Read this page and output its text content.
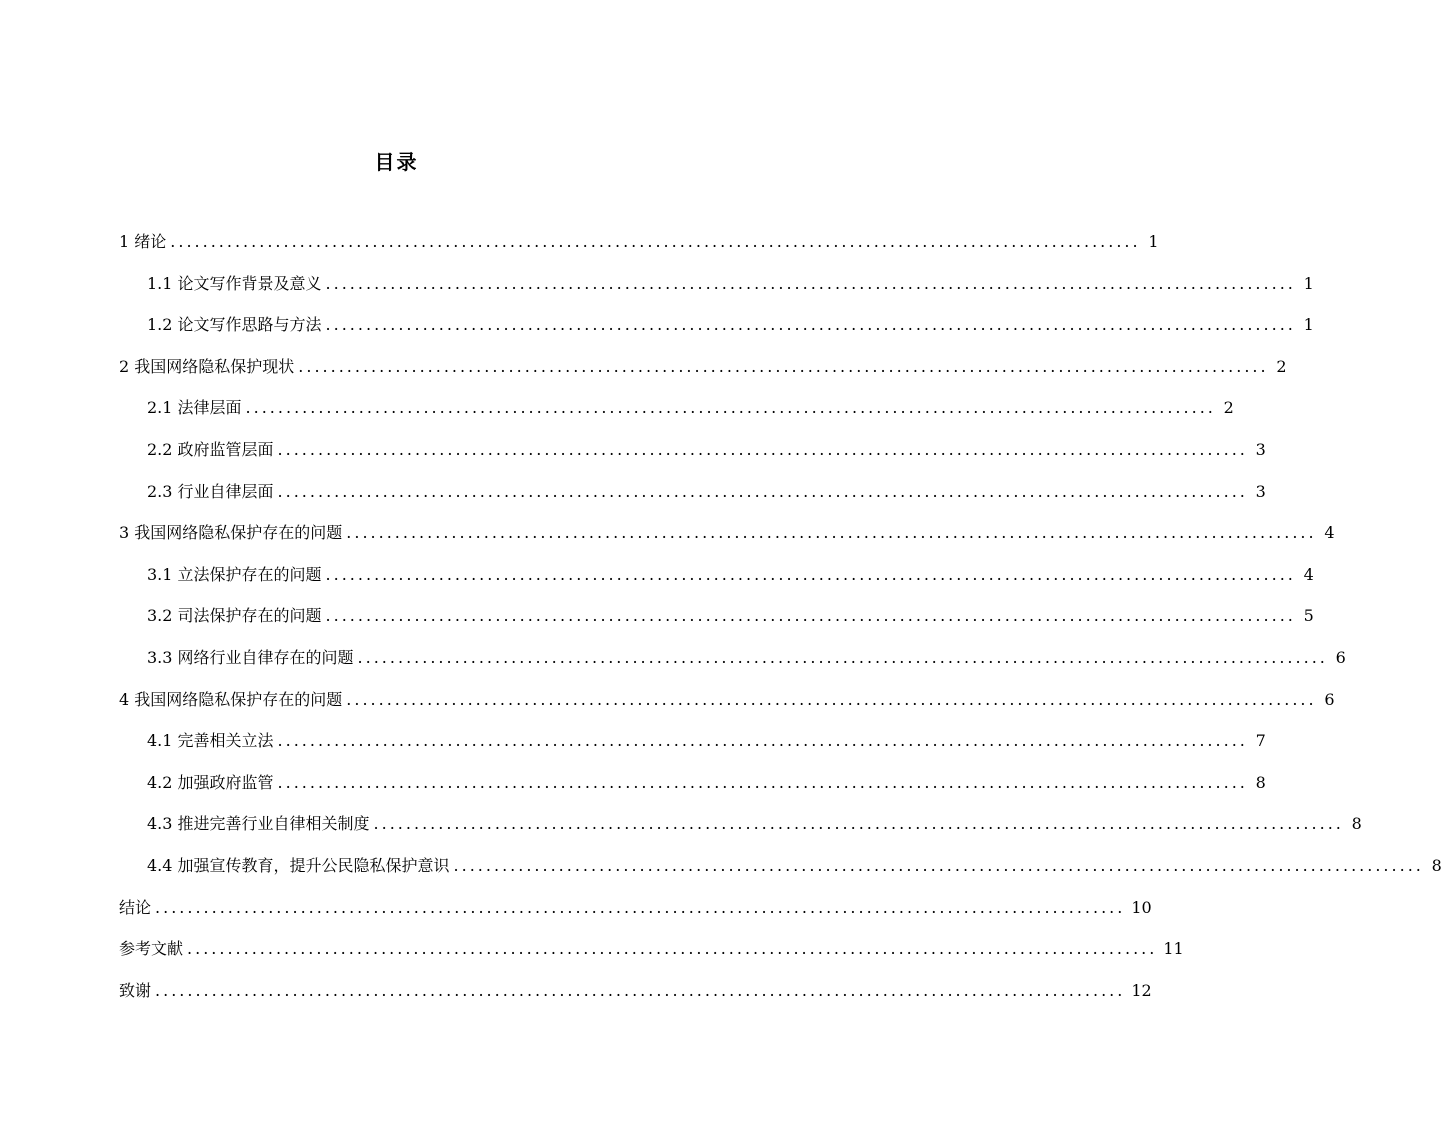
目录
1 绪论 ........................................................................................................................ 1
1.1 论文写作背景及意义 ........................................................................................................................ 1
1.2 论文写作思路与方法 ........................................................................................................................ 1
2 我国网络隐私保护现状 ........................................................................................................................ 2
2.1 法律层面 ........................................................................................................................ 2
2.2 政府监管层面 ........................................................................................................................ 3
2.3 行业自律层面 ........................................................................................................................ 3
3 我国网络隐私保护存在的问题 ........................................................................................................................ 4
3.1 立法保护存在的问题 ........................................................................................................................ 4
3.2 司法保护存在的问题 ........................................................................................................................ 5
3.3 网络行业自律存在的问题 ........................................................................................................................ 6
4 我国网络隐私保护存在的问题 ........................................................................................................................ 6
4.1 完善相关立法 ........................................................................................................................ 7
4.2 加强政府监管 ........................................................................................................................ 8
4.3 推进完善行业自律相关制度 ........................................................................................................................ 8
4.4 加强宣传教育，提升公民隐私保护意识 ........................................................................................................................ 8
结论 ........................................................................................................................ 10
参考文献 ........................................................................................................................ 11
致谢 ........................................................................................................................ 12
